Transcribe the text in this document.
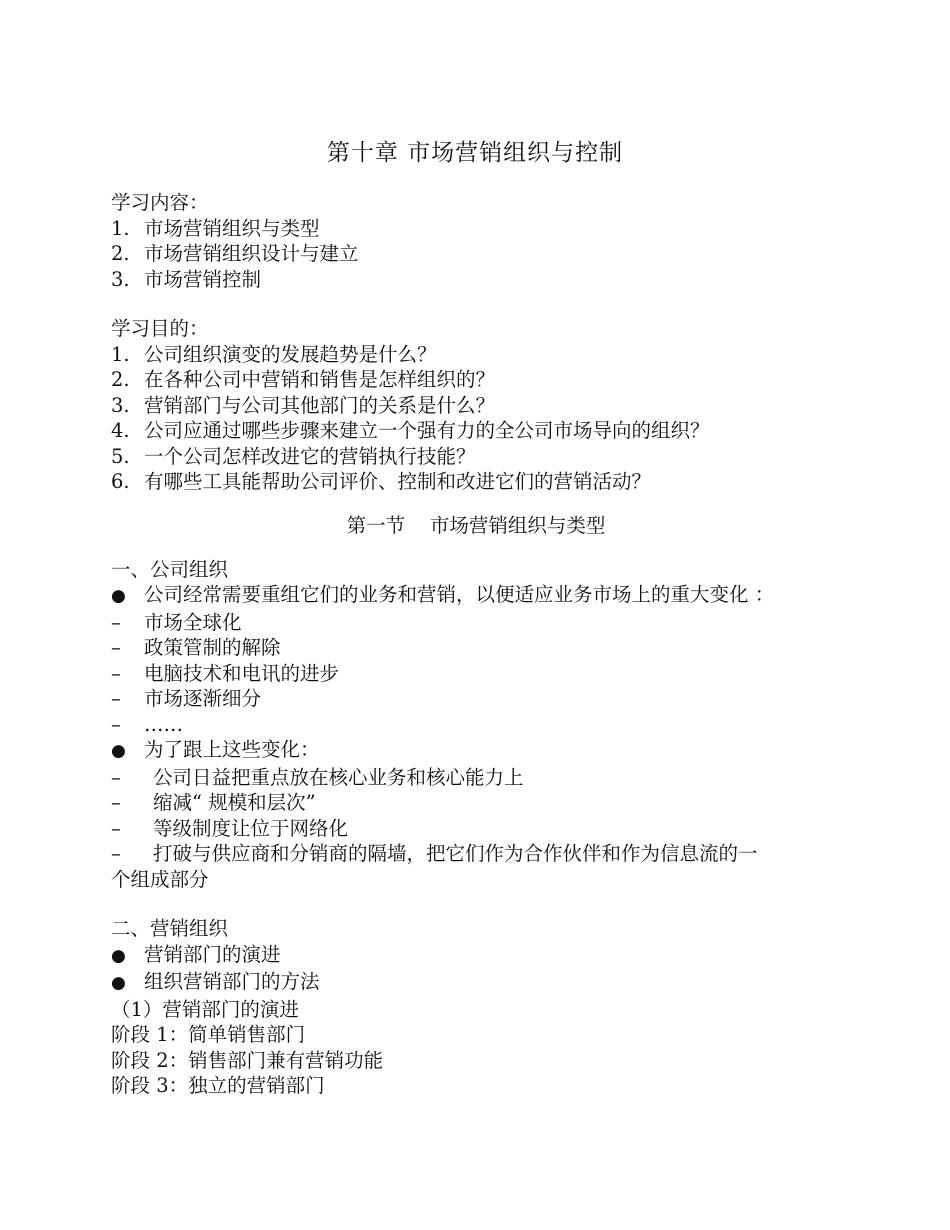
第十章 市场营销组织与控制
学习内容：
1. 市场营销组织与类型
2. 市场营销组织设计与建立
3. 市场营销控制
学习目的：
1. 公司组织演变的发展趋势是什么？
2. 在各种公司中营销和销售是怎样组织的？
3. 营销部门与公司其他部门的关系是什么？
4. 公司应通过哪些步骤来建立一个强有力的全公司市场导向的组织？
5. 一个公司怎样改进它的营销执行技能？
6. 有哪些工具能帮助公司评价、控制和改进它们的营销活动？
第一节    市场营销组织与类型
一、公司组织
● 公司经常需要重组它们的业务和营销，以便适应业务市场上的重大变化 ：
– 市场全球化
– 政策管制的解除
– 电脑技术和电讯的进步
– 市场逐渐细分
– ……
● 为了跟上这些变化：
– 公司日益把重点放在核心业务和核心能力上
– 缩减“ 规模和层次”
– 等级制度让位于网络化
– 打破与供应商和分销商的隔墙，把它们作为合作伙伴和作为信息流的一
个组成部分
二、营销组织
● 营销部门的演进
● 组织营销部门的方法
（1）营销部门的演进
阶段 1：简单销售部门
阶段 2：销售部门兼有营销功能
阶段 3：独立的营销部门
